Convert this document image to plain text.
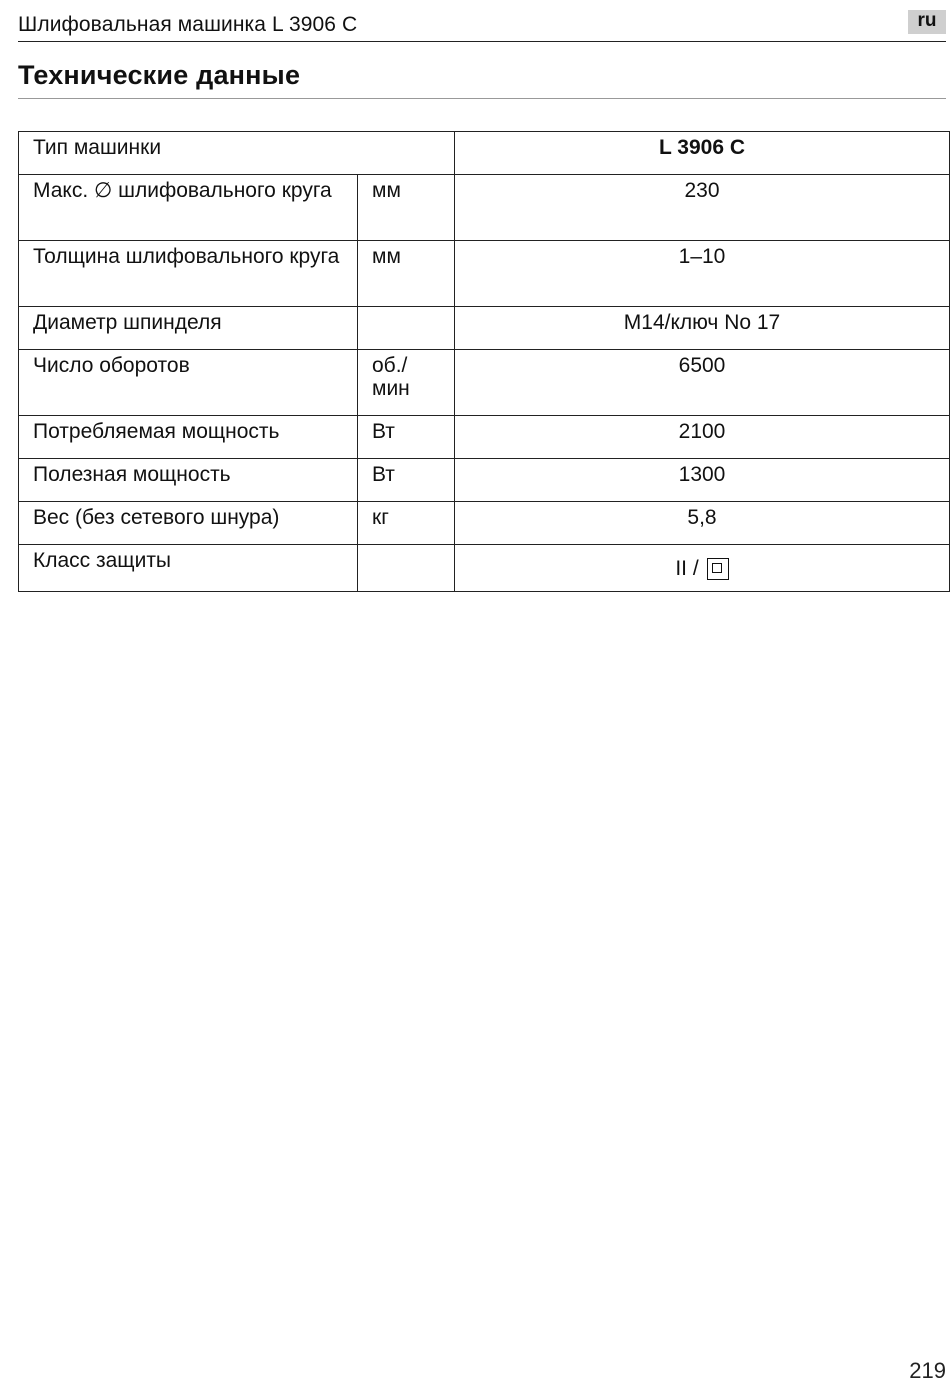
Шлифовальная машинка L 3906 C	ru
Технические данные
Тип машинки		L 3906 C
Макс. ∅ шлифовального круга	мм	230
Толщина шлифовального круга	мм	1–10
Диаметр шпинделя		M14/ключ No 17
Число оборотов	об./ мин	6500
Потребляемая мощность	Вт	2100
Полезная мощность	Вт	1300
Вес (без сетевого шнура)	кг	5,8
Класс защиты		II /
219
